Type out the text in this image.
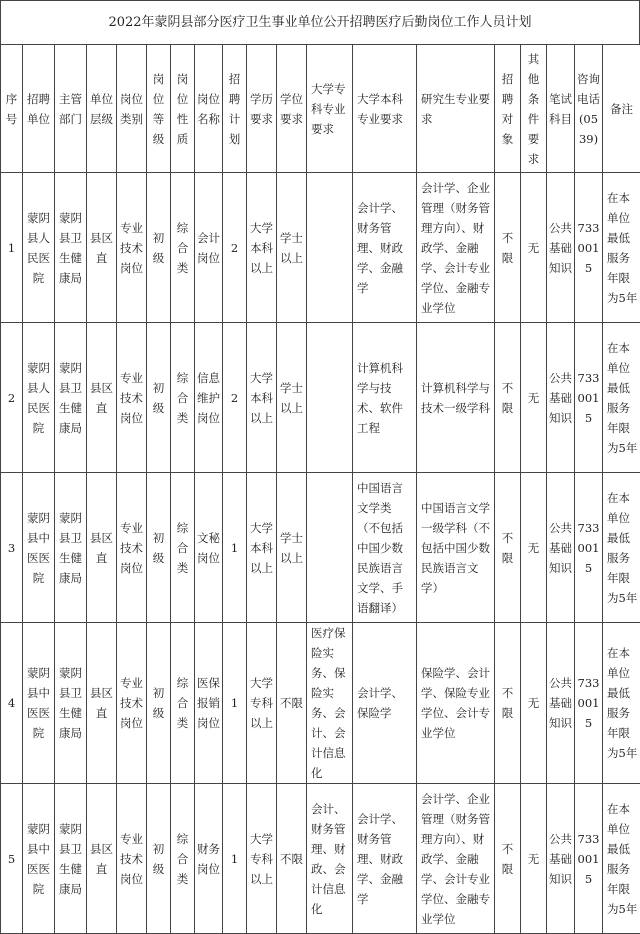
2022年蒙阴县部分医疗卫生事业单位公开招聘医疗后勤岗位工作人员计划
序号	招聘单位	主管部门	单位层级	岗位类别	岗位等级	岗位性质	岗位名称	招聘计划	学历要求	学位要求	大学专科专业要求	大学本科专业要求	研究生专业要求	招聘对象	其他条件要求	笔试科目	咨询电话(0539)	备注
1	蒙阴县人民医院	蒙阴县卫生健康局	县区直	专业技术岗位	初级	综合类	会计岗位	2	大学本科以上	学士以上		会计学、财务管理、财政学、金融学	会计学、企业管理（财务管理方向）、财政学、金融学、会计专业学位、金融专业学位	不限	无	公共基础知识	7330015	在本单位最低服务年限为5年
2	蒙阴县人民医院	蒙阴县卫生健康局	县区直	专业技术岗位	初级	综合类	信息维护岗位	2	大学本科以上	学士以上		计算机科学与技术、软件工程	计算机科学与技术一级学科	不限	无	公共基础知识	7330015	在本单位最低服务年限为5年
3	蒙阴县中医医院	蒙阴县卫生健康局	县区直	专业技术岗位	初级	综合类	文秘岗位	1	大学本科以上	学士以上		中国语言文学类（不包括中国少数民族语言文学、手语翻译）	中国语言文学一级学科（不包括中国少数民族语言文学）	不限	无	公共基础知识	7330015	在本单位最低服务年限为5年
4	蒙阴县中医医院	蒙阴县卫生健康局	县区直	专业技术岗位	初级	综合类	医保报销岗位	1	大学专科以上	不限	医疗保险实务、保险实务、会计、会计信息化	会计学、保险学	保险学、会计学、保险专业学位、会计专业学位	不限	无	公共基础知识	7330015	在本单位最低服务年限为5年
5	蒙阴县中医医院	蒙阴县卫生健康局	县区直	专业技术岗位	初级	综合类	财务岗位	1	大学专科以上	不限	会计、财务管理、财政、会计信息化	会计学、财务管理、财政学、金融学	会计学、企业管理（财务管理方向）、财政学、金融学、会计专业学位、金融专业学位	不限	无	公共基础知识	7330015	在本单位最低服务年限为5年
